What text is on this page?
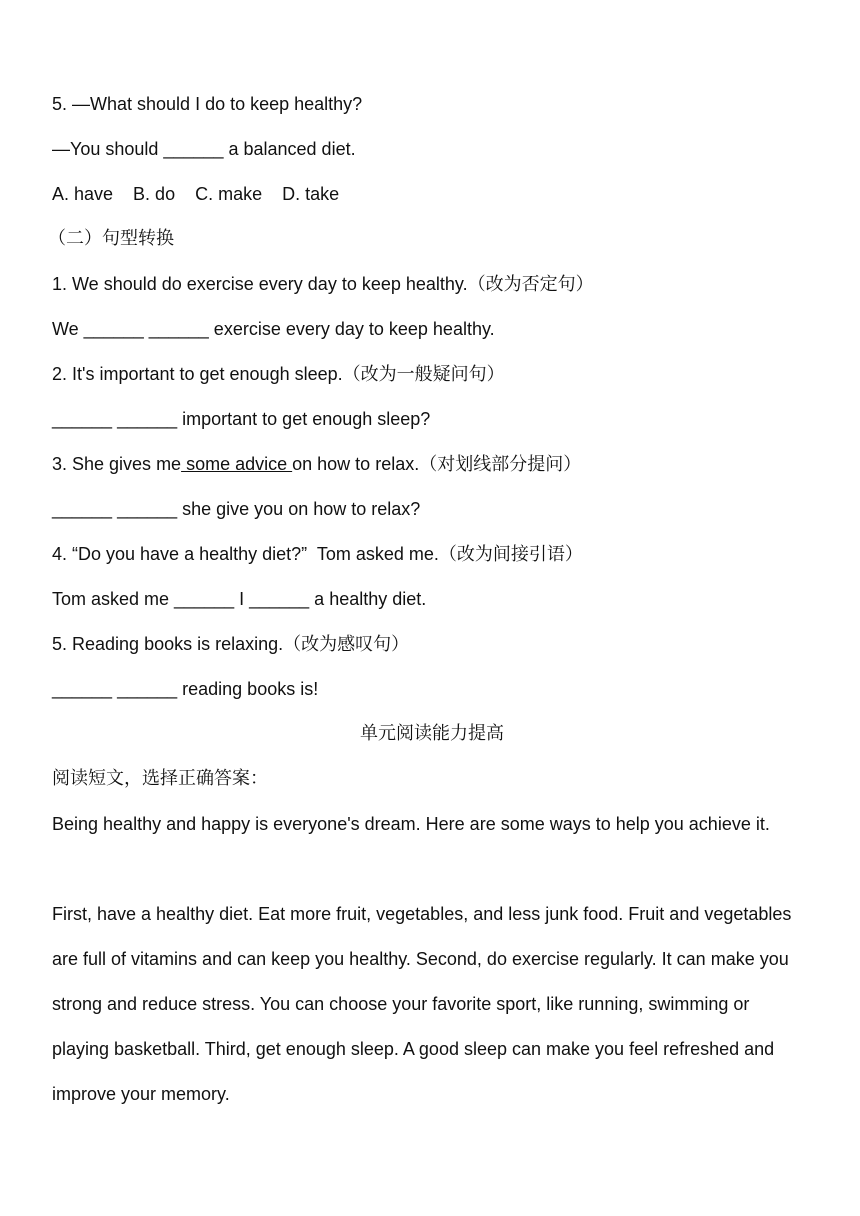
5. —What should I do to keep healthy?
—You should ______ a balanced diet.
A. have    B. do    C. make    D. take
（二）句型转换
1. We should do exercise every day to keep healthy.（改为否定句）
We ______ ______ exercise every day to keep healthy.
2. It's important to get enough sleep.（改为一般疑问句）
______ ______ important to get enough sleep?
3. She gives me some advice on how to relax.（对划线部分提问）
______ ______ she give you on how to relax?
4. “Do you have a healthy diet?”  Tom asked me.（改为间接引语）
Tom asked me ______ I ______ a healthy diet.
5. Reading books is relaxing.（改为感叹句）
______ ______ reading books is!
单元阅读能力提高
阅读短文，选择正确答案：
Being healthy and happy is everyone's dream. Here are some ways to help you achieve it.
First, have a healthy diet. Eat more fruit, vegetables, and less junk food. Fruit and vegetables
are full of vitamins and can keep you healthy. Second, do exercise regularly. It can make you
strong and reduce stress. You can choose your favorite sport, like running, swimming or
playing basketball. Third, get enough sleep. A good sleep can make you feel refreshed and
improve your memory.
